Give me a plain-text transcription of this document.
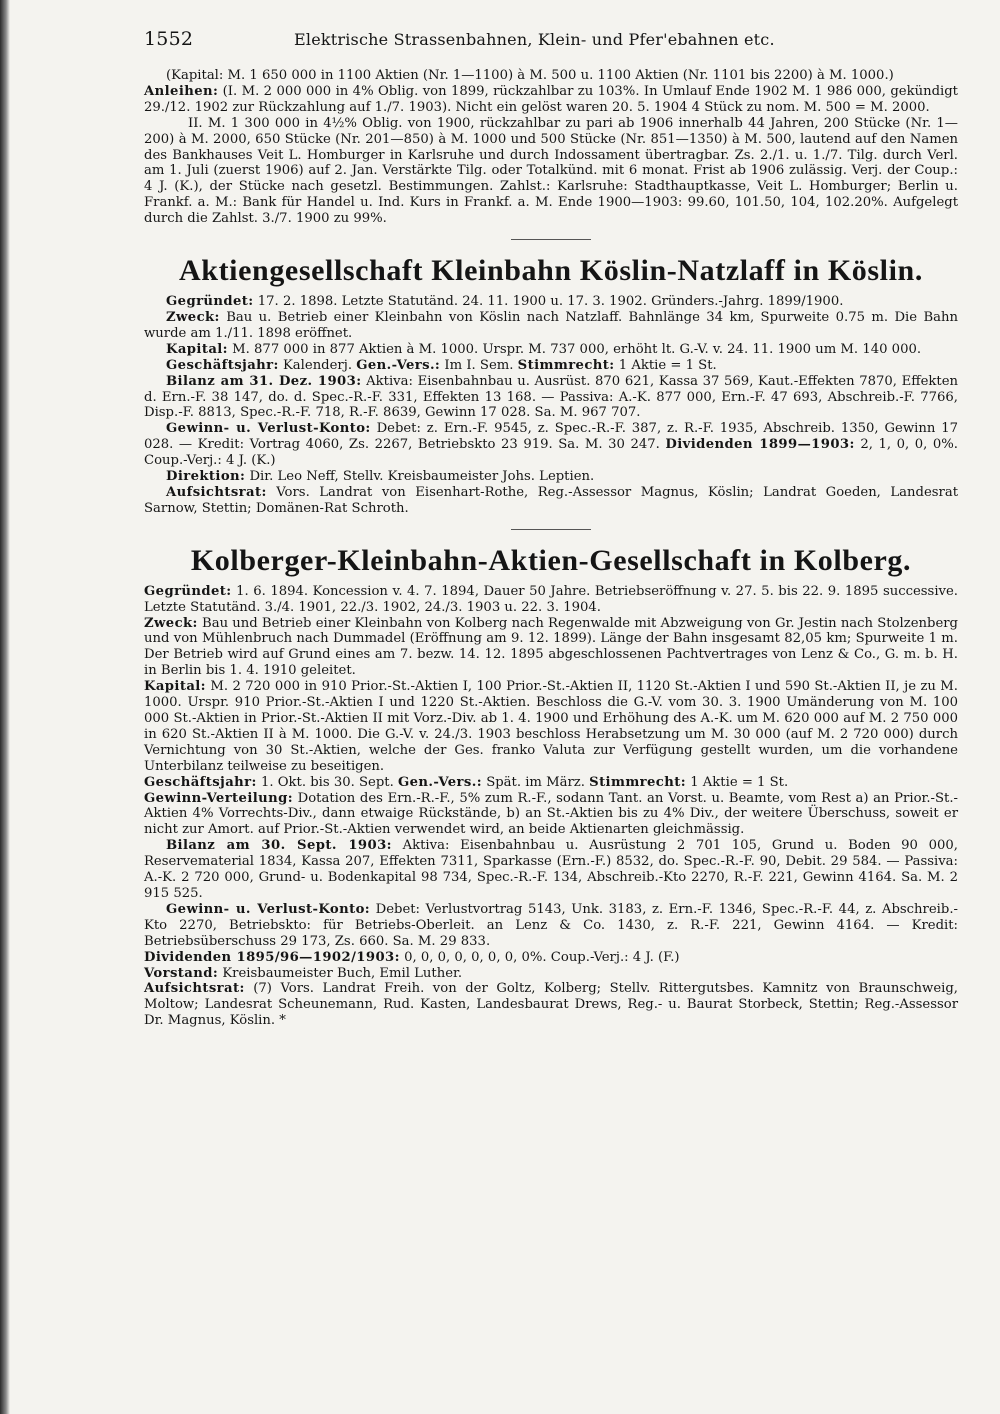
1552	Elektrische Strassenbahnen, Klein- und Pfer'ebahnen etc.

(Kapital: M. 1 650 000 in 1100 Aktien (Nr. 1—1100) à M. 500 u. 1100 Aktien (Nr. 1101 bis 2200) à M. 1000.)

Anleihen: (I. M. 2 000 000 in 4% Oblig. von 1899, rückzahlbar zu 103%. In Umlauf Ende 1902 M. 1 986 000, gekündigt 29./12. 1902 zur Rückzahlung auf 1./7. 1903). Nicht ein gelöst waren 20. 5. 1904 4 Stück zu nom. M. 500 = M. 2000.

II. M. 1 300 000 in 4½% Oblig. von 1900, rückzahlbar zu pari ab 1906 innerhalb 44 Jahren, 200 Stücke (Nr. 1—200) à M. 2000, 650 Stücke (Nr. 201—850) à M. 1000 und 500 Stücke (Nr. 851—1350) à M. 500, lautend auf den Namen des Bankhauses Veit L. Homburger in Karlsruhe und durch Indossament übertragbar. Zs. 2./1. u. 1./7. Tilg. durch Verl. am 1. Juli (zuerst 1906) auf 2. Jan. Verstärkte Tilg. oder Totalkünd. mit 6 monat. Frist ab 1906 zulässig. Verj. der Coup.: 4 J. (K.), der Stücke nach gesetzl. Bestimmungen. Zahlst.: Karlsruhe: Stadthauptkasse, Veit L. Homburger; Berlin u. Frankf. a. M.: Bank für Handel u. Ind. Kurs in Frankf. a. M. Ende 1900—1903: 99.60, 101.50, 104, 102.20%. Aufgelegt durch die Zahlst. 3./7. 1900 zu 99%.

Aktiengesellschaft Kleinbahn Köslin-Natzlaff in Köslin.

Gegründet: 17. 2. 1898. Letzte Statutänd. 24. 11. 1900 u. 17. 3. 1902. Gründers.-Jahrg. 1899/1900.

Zweck: Bau u. Betrieb einer Kleinbahn von Köslin nach Natzlaff. Bahnlänge 34 km, Spurweite 0.75 m. Die Bahn wurde am 1./11. 1898 eröffnet.

Kapital: M. 877 000 in 877 Aktien à M. 1000. Urspr. M. 737 000, erhöht lt. G.-V. v. 24. 11. 1900 um M. 140 000.

Geschäftsjahr: Kalenderj. Gen.-Vers.: Im I. Sem. Stimmrecht: 1 Aktie = 1 St.

Bilanz am 31. Dez. 1903: Aktiva: Eisenbahnbau u. Ausrüst. 870 621, Kassa 37 569, Kaut.-Effekten 7870, Effekten d. Ern.-F. 38 147, do. d. Spec.-R.-F. 331, Effekten 13 168. — Passiva: A.-K. 877 000, Ern.-F. 47 693, Abschreib.-F. 7766, Disp.-F. 8813, Spec.-R.-F. 718, R.-F. 8639, Gewinn 17 028. Sa. M. 967 707.

Gewinn- u. Verlust-Konto: Debet: z. Ern.-F. 9545, z. Spec.-R.-F. 387, z. R.-F. 1935, Abschreib. 1350, Gewinn 17 028. — Kredit: Vortrag 4060, Zs. 2267, Betriebskto 23 919. Sa. M. 30 247. Dividenden 1899—1903: 2, 1, 0, 0, 0%. Coup.-Verj.: 4 J. (K.)

Direktion: Dir. Leo Neff, Stellv. Kreisbaumeister Johs. Leptien.

Aufsichtsrat: Vors. Landrat von Eisenhart-Rothe, Reg.-Assessor Magnus, Köslin; Landrat Goeden, Landesrat Sarnow, Stettin; Domänen-Rat Schroth.

Kolberger-Kleinbahn-Aktien-Gesellschaft in Kolberg.

Gegründet: 1. 6. 1894. Koncession v. 4. 7. 1894, Dauer 50 Jahre. Betriebseröffnung v. 27. 5. bis 22. 9. 1895 successive. Letzte Statutänd. 3./4. 1901, 22./3. 1902, 24./3. 1903 u. 22. 3. 1904.

Zweck: Bau und Betrieb einer Kleinbahn von Kolberg nach Regenwalde mit Abzweigung von Gr. Jestin nach Stolzenberg und von Mühlenbruch nach Dummadel (Eröffnung am 9. 12. 1899). Länge der Bahn insgesamt 82,05 km; Spurweite 1 m. Der Betrieb wird auf Grund eines am 7. bezw. 14. 12. 1895 abgeschlossenen Pachtvertrages von Lenz & Co., G. m. b. H. in Berlin bis 1. 4. 1910 geleitet.

Kapital: M. 2 720 000 in 910 Prior.-St.-Aktien I, 100 Prior.-St.-Aktien II, 1120 St.-Aktien I und 590 St.-Aktien II, je zu M. 1000. Urspr. 910 Prior.-St.-Aktien I und 1220 St.-Aktien. Beschloss die G.-V. vom 30. 3. 1900 Umänderung von M. 100 000 St.-Aktien in Prior.-St.-Aktien II mit Vorz.-Div. ab 1. 4. 1900 und Erhöhung des A.-K. um M. 620 000 auf M. 2 750 000 in 620 St.-Aktien II à M. 1000. Die G.-V. v. 24./3. 1903 beschloss Herabsetzung um M. 30 000 (auf M. 2 720 000) durch Vernichtung von 30 St.-Aktien, welche der Ges. franko Valuta zur Verfügung gestellt wurden, um die vorhandene Unterbilanz teilweise zu beseitigen.

Geschäftsjahr: 1. Okt. bis 30. Sept. Gen.-Vers.: Spät. im März. Stimmrecht: 1 Aktie = 1 St.

Gewinn-Verteilung: Dotation des Ern.-R.-F., 5% zum R.-F., sodann Tant. an Vorst. u. Beamte, vom Rest a) an Prior.-St.-Aktien 4% Vorrechts-Div., dann etwaige Rückstände, b) an St.-Aktien bis zu 4% Div., der weitere Überschuss, soweit er nicht zur Amort. auf Prior.-St.-Aktien verwendet wird, an beide Aktienarten gleichmässig.

Bilanz am 30. Sept. 1903: Aktiva: Eisenbahnbau u. Ausrüstung 2 701 105, Grund u. Boden 90 000, Reservematerial 1834, Kassa 207, Effekten 7311, Sparkasse (Ern.-F.) 8532, do. Spec.-R.-F. 90, Debit. 29 584. — Passiva: A.-K. 2 720 000, Grund- u. Bodenkapital 98 734, Spec.-R.-F. 134, Abschreib.-Kto 2270, R.-F. 221, Gewinn 4164. Sa. M. 2 915 525.

Gewinn- u. Verlust-Konto: Debet: Verlustvortrag 5143, Unk. 3183, z. Ern.-F. 1346, Spec.-R.-F. 44, z. Abschreib.-Kto 2270, Betriebskto: für Betriebs-Oberleit. an Lenz & Co. 1430, z. R.-F. 221, Gewinn 4164. — Kredit: Betriebsüberschuss 29 173, Zs. 660. Sa. M. 29 833.

Dividenden 1895/96—1902/1903: 0, 0, 0, 0, 0, 0, 0, 0%. Coup.-Verj.: 4 J. (F.)

Vorstand: Kreisbaumeister Buch, Emil Luther.

Aufsichtsrat: (7) Vors. Landrat Freih. von der Goltz, Kolberg; Stellv. Rittergutsbes. Kamnitz von Braunschweig, Moltow; Landesrat Scheunemann, Rud. Kasten, Landesbaurat Drews, Reg.- u. Baurat Storbeck, Stettin; Reg.-Assessor Dr. Magnus, Köslin. *
